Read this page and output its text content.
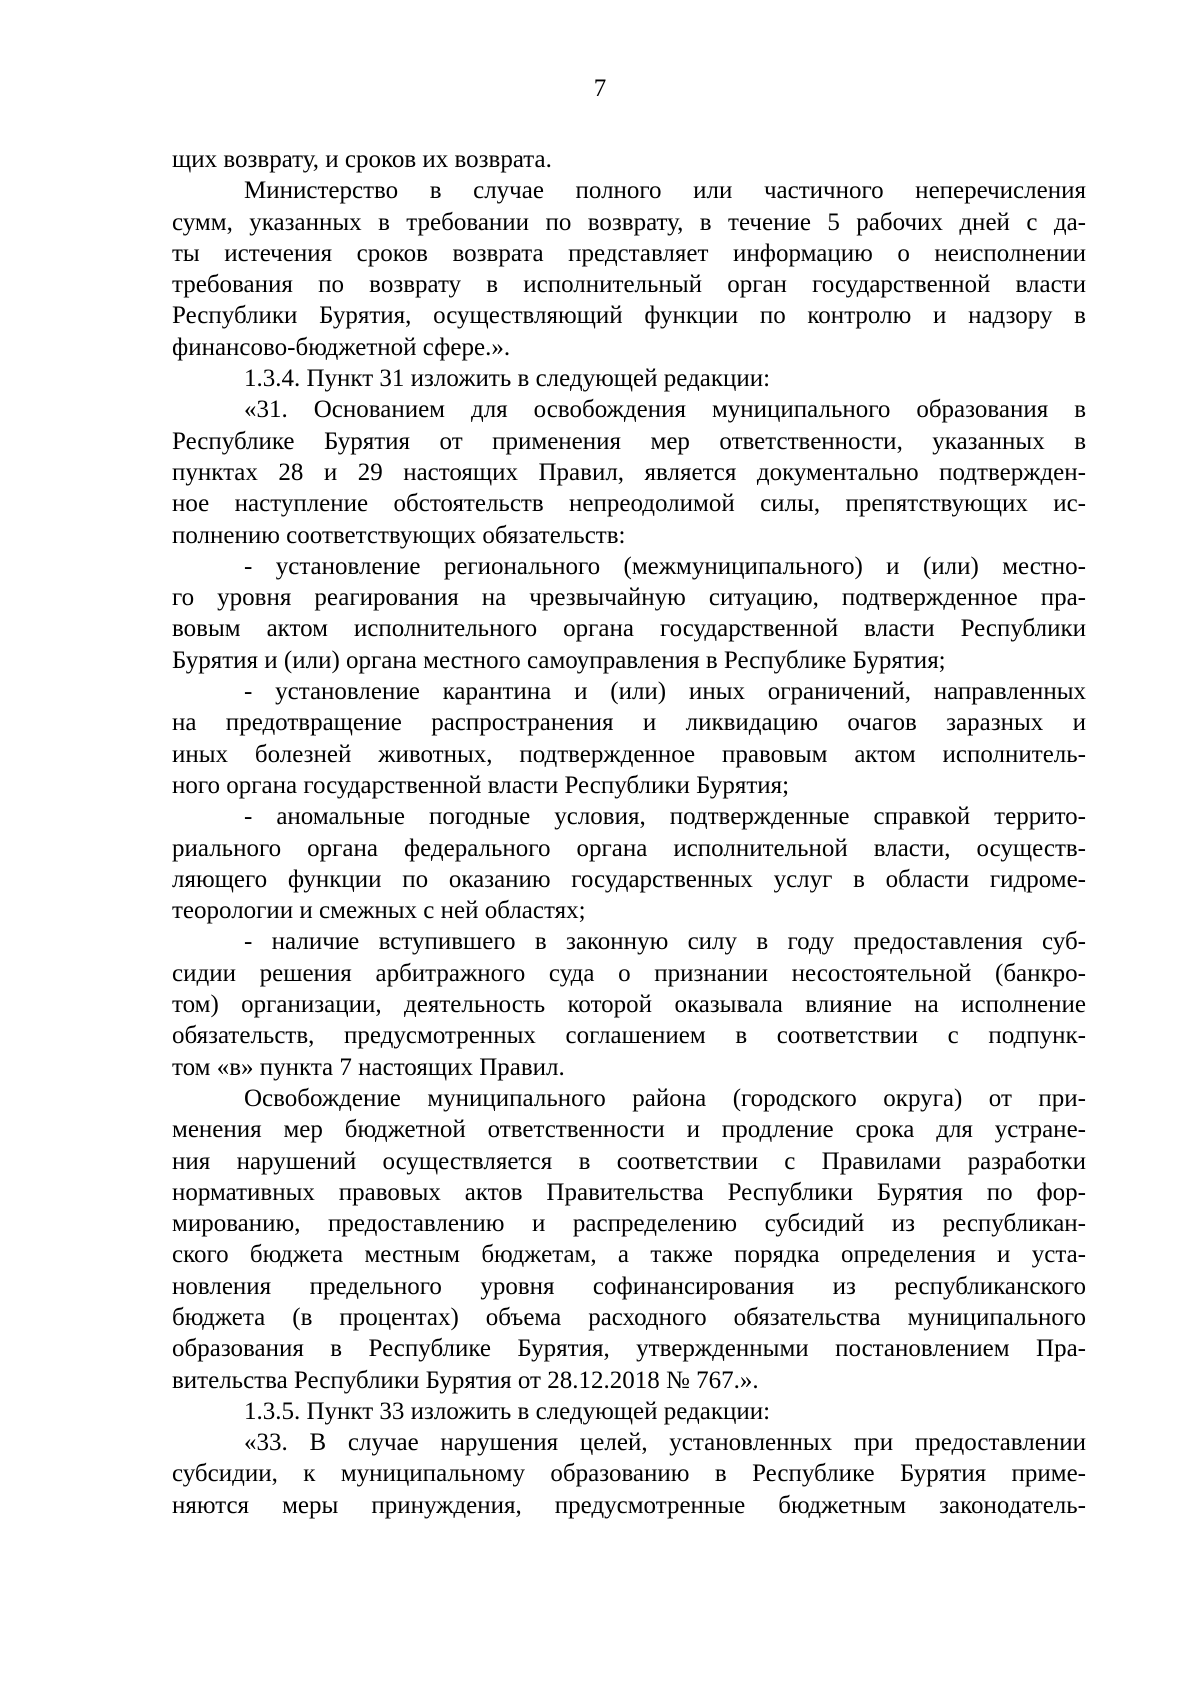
7
щих возврату, и сроков их возврата.
Министерство в случае полного или частичного неперечисления
сумм, указанных в требовании по возврату, в течение 5 рабочих дней с да-
ты истечения сроков возврата представляет информацию о неисполнении
требования по возврату в исполнительный орган государственной власти
Республики Бурятия, осуществляющий функции по контролю и надзору в
финансово-бюджетной сфере.».
1.3.4. Пункт 31 изложить в следующей редакции:
«31. Основанием для освобождения муниципального образования в
Республике Бурятия от применения мер ответственности, указанных в
пунктах 28 и 29 настоящих Правил, является документально подтвержден-
ное наступление обстоятельств непреодолимой силы, препятствующих ис-
полнению соответствующих обязательств:
- установление регионального (межмуниципального) и (или) местно-
го уровня реагирования на чрезвычайную ситуацию, подтвержденное пра-
вовым актом исполнительного органа государственной власти Республики
Бурятия и (или) органа местного самоуправления в Республике Бурятия;
- установление карантина и (или) иных ограничений, направленных
на предотвращение распространения и ликвидацию очагов заразных и
иных болезней животных, подтвержденное правовым актом исполнитель-
ного органа государственной власти Республики Бурятия;
- аномальные погодные условия, подтвержденные справкой террито-
риального органа федерального органа исполнительной власти, осуществ-
ляющего функции по оказанию государственных услуг в области гидроме-
теорологии и смежных с ней областях;
- наличие вступившего в законную силу в году предоставления суб-
сидии решения арбитражного суда о признании несостоятельной (банкро-
том) организации, деятельность которой оказывала влияние на исполнение
обязательств, предусмотренных соглашением в соответствии с подпунк-
том «в» пункта 7 настоящих Правил.
Освобождение муниципального района (городского округа) от при-
менения мер бюджетной ответственности и продление срока для устране-
ния нарушений осуществляется в соответствии с Правилами разработки
нормативных правовых актов Правительства Республики Бурятия по фор-
мированию, предоставлению и распределению субсидий из республикан-
ского бюджета местным бюджетам, а также порядка определения и уста-
новления предельного уровня софинансирования из республиканского
бюджета (в процентах) объема расходного обязательства муниципального
образования в Республике Бурятия, утвержденными постановлением Пра-
вительства Республики Бурятия от 28.12.2018 № 767.».
1.3.5. Пункт 33 изложить в следующей редакции:
«33. В случае нарушения целей, установленных при предоставлении
субсидии, к муниципальному образованию в Республике Бурятия приме-
няются меры принуждения, предусмотренные бюджетным законодатель-
